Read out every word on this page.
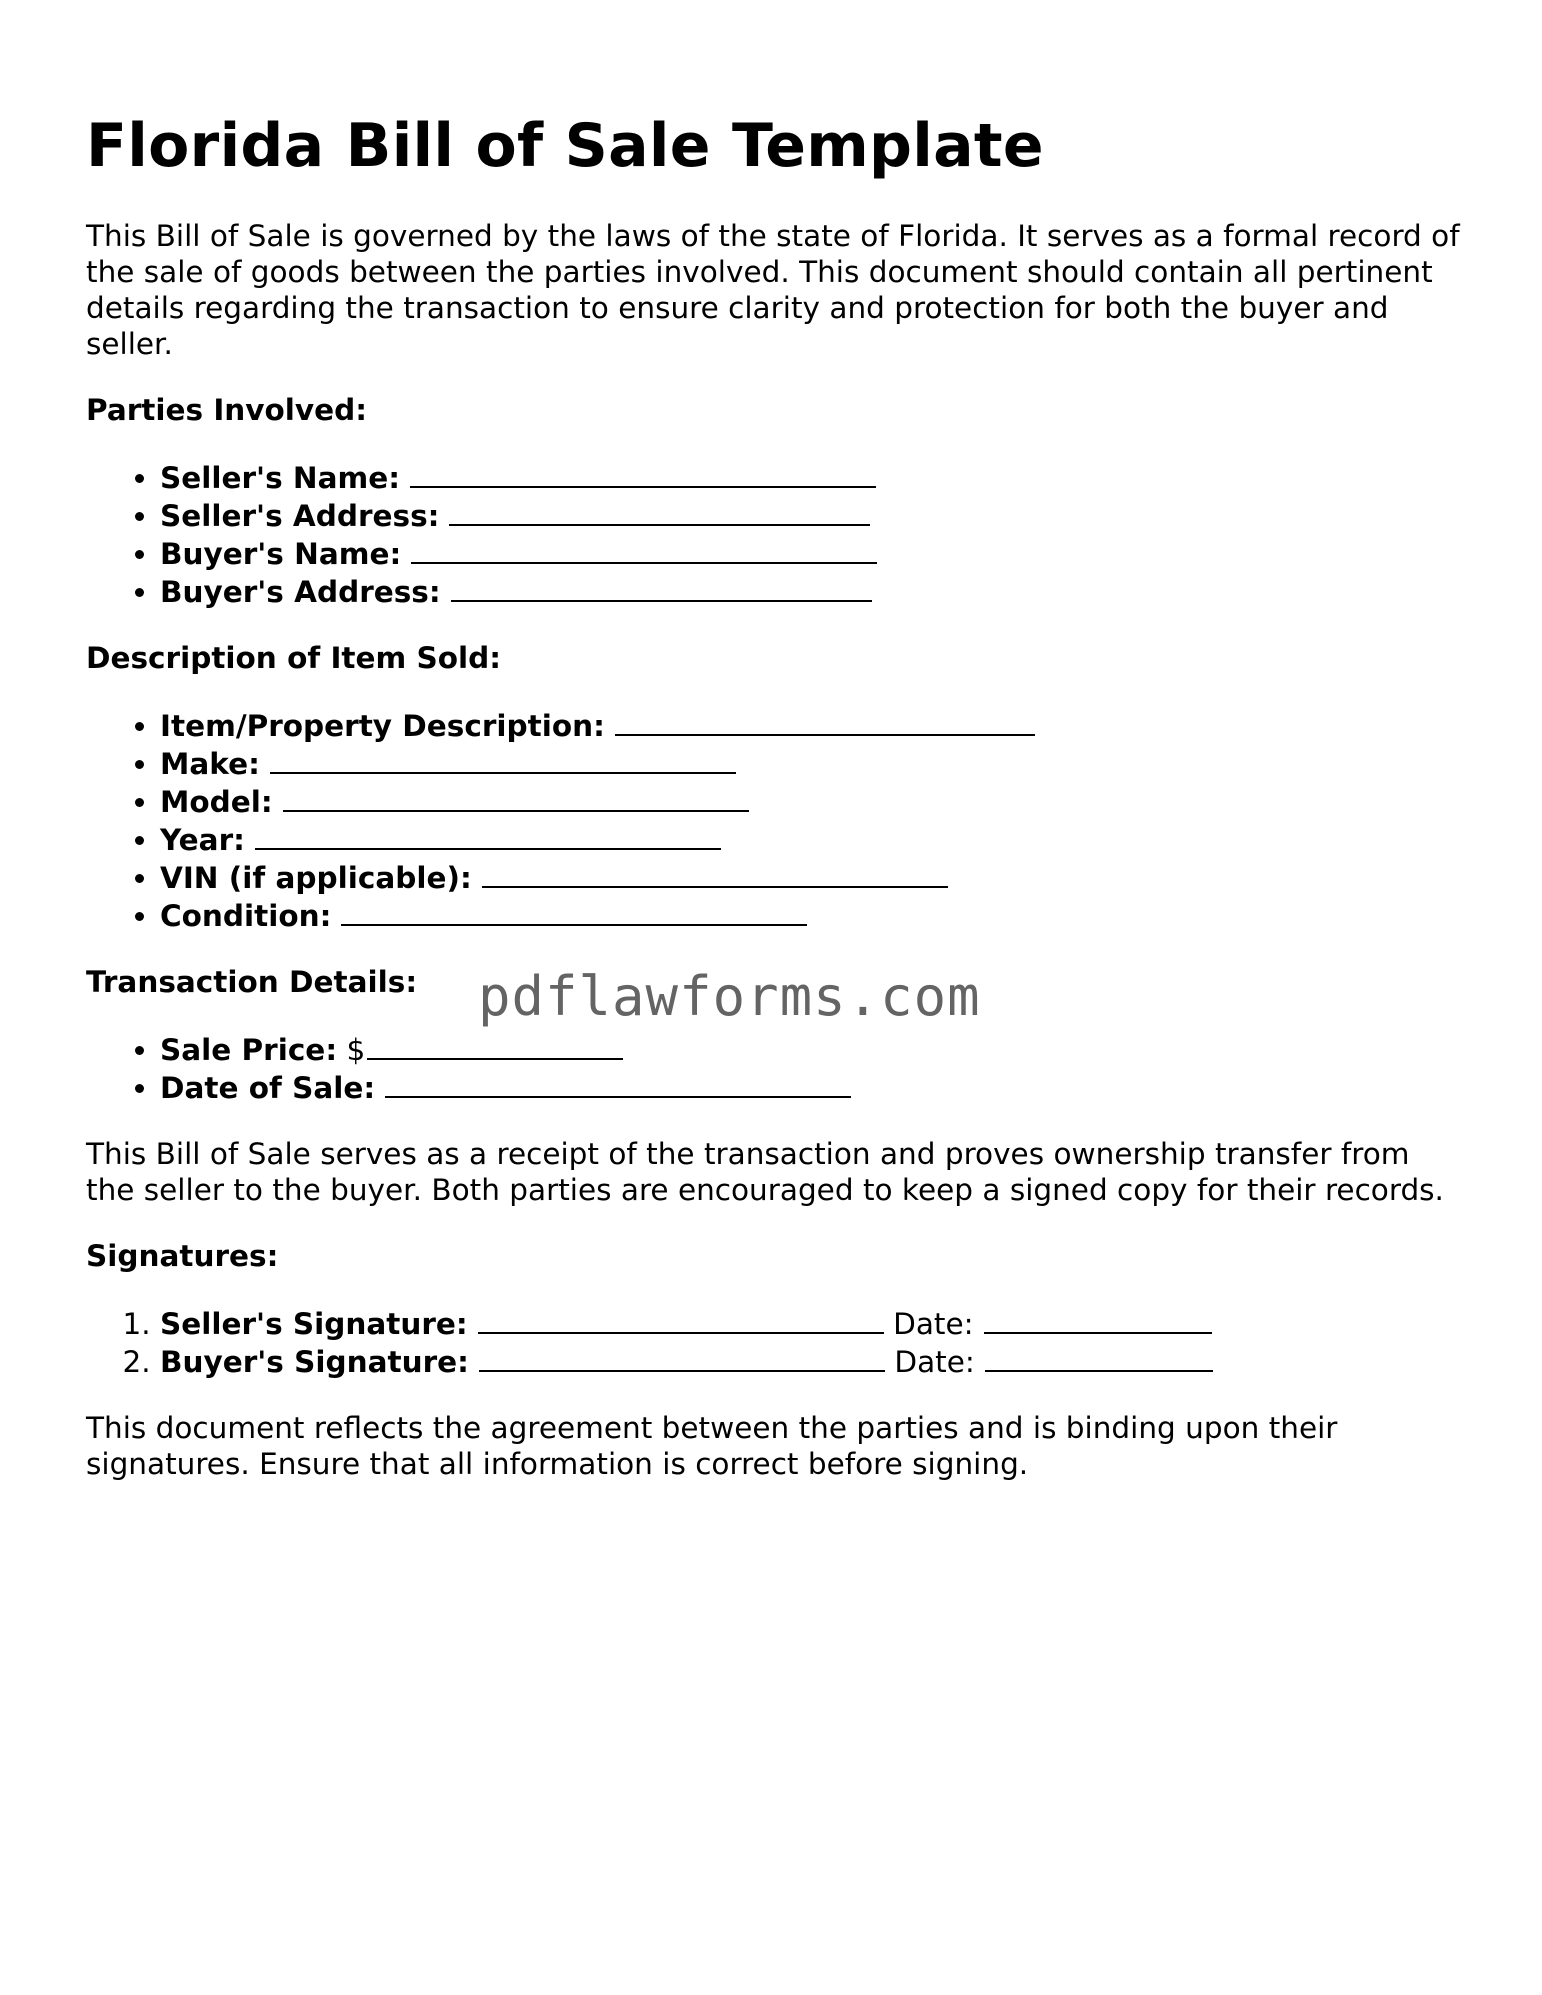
Florida Bill of Sale Template

This Bill of Sale is governed by the laws of the state of Florida. It serves as a formal record of the sale of goods between the parties involved. This document should contain all pertinent details regarding the transaction to ensure clarity and protection for both the buyer and seller.

Parties Involved:
• Seller's Name:
• Seller's Address:
• Buyer's Name:
• Buyer's Address:
Description of Item Sold:
• Item/Property Description:
• Make:
• Model:
• Year:
• VIN (if applicable):
• Condition:
Transaction Details:
• Sale Price: $
• Date of Sale:

This Bill of Sale serves as a receipt of the transaction and proves ownership transfer from the seller to the buyer. Both parties are encouraged to keep a signed copy for their records.

Signatures:
1. Seller's Signature:	Date:
2. Buyer's Signature:	Date:

This document reflects the agreement between the parties and is binding upon their signatures. Ensure that all information is correct before signing.

pdflawforms.com
